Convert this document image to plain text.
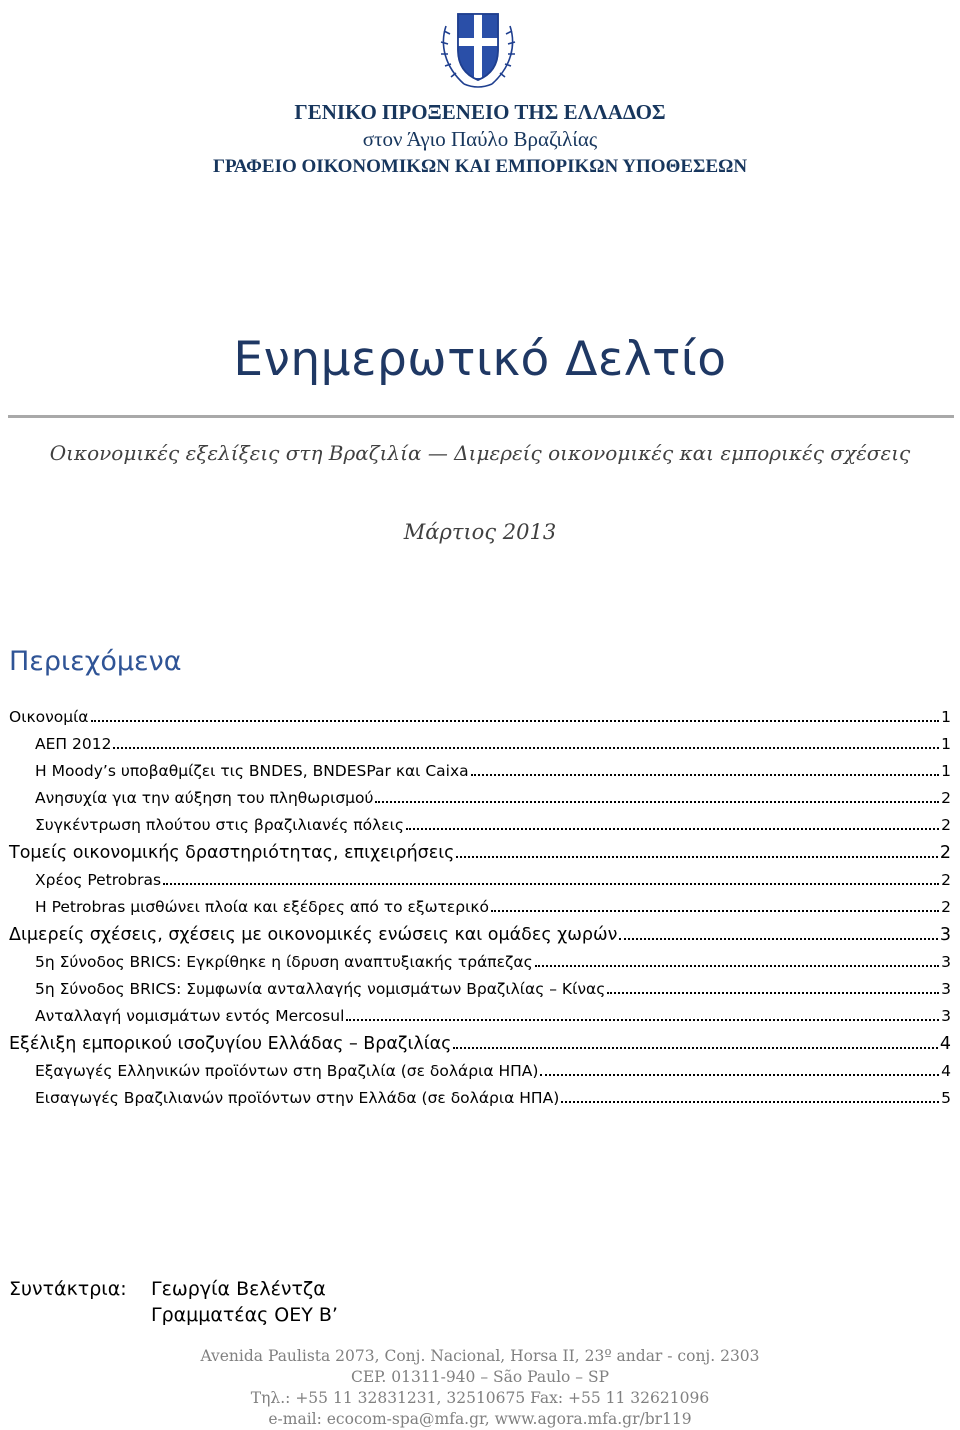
ΓΕΝΙΚΟ ΠΡΟΞΕΝΕΙΟ ΤΗΣ ΕΛΛΑΔΟΣ
στον Άγιο Παύλο Βραζιλίας
ΓΡΑΦΕΙΟ ΟΙΚΟΝΟΜΙΚΩΝ ΚΑΙ ΕΜΠΟΡΙΚΩΝ ΥΠΟΘΕΣΕΩΝ
Ενημερωτικό Δελτίο
Οικονομικές εξελίξεις στη Βραζιλία — Διμερείς οικονομικές και εμπορικές σχέσεις
Μάρτιος 2013
Περιεχόμενα
Οικονομία	1
ΑΕΠ 2012	1
Η Moody’s υποβαθμίζει τις BNDES, BNDESPar και Caixa	1
Ανησυχία για την αύξηση του πληθωρισμού	2
Συγκέντρωση πλούτου στις βραζιλιανές πόλεις	2
Τομείς οικονομικής δραστηριότητας, επιχειρήσεις	2
Χρέος Petrobras	2
Η Petrobras μισθώνει πλοία και εξέδρες από το εξωτερικό	2
Διμερείς σχέσεις, σχέσεις με οικονομικές ενώσεις και ομάδες χωρών	3
5η Σύνοδος BRICS: Εγκρίθηκε η ίδρυση αναπτυξιακής τράπεζας	3
5η Σύνοδος BRICS: Συμφωνία ανταλλαγής νομισμάτων Βραζιλίας – Κίνας	3
Ανταλλαγή νομισμάτων εντός Mercosul	3
Εξέλιξη εμπορικού ισοζυγίου Ελλάδας – Βραζιλίας	4
Εξαγωγές Ελληνικών προϊόντων στη Βραζιλία (σε δολάρια ΗΠΑ)	4
Εισαγωγές Βραζιλιανών προϊόντων στην Ελλάδα (σε δολάρια ΗΠΑ)	5
Συντάκτρια: Γεωργία Βελέντζα
Γραμματέας ΟΕΥ Β’
Avenida Paulista 2073, Conj. Nacional, Horsa II, 23º andar - conj. 2303
CEP. 01311-940 – São Paulo – SP
Τηλ.: +55 11 32831231, 32510675 Fax: +55 11 32621096
e-mail: ecocom-spa@mfa.gr, www.agora.mfa.gr/br119
